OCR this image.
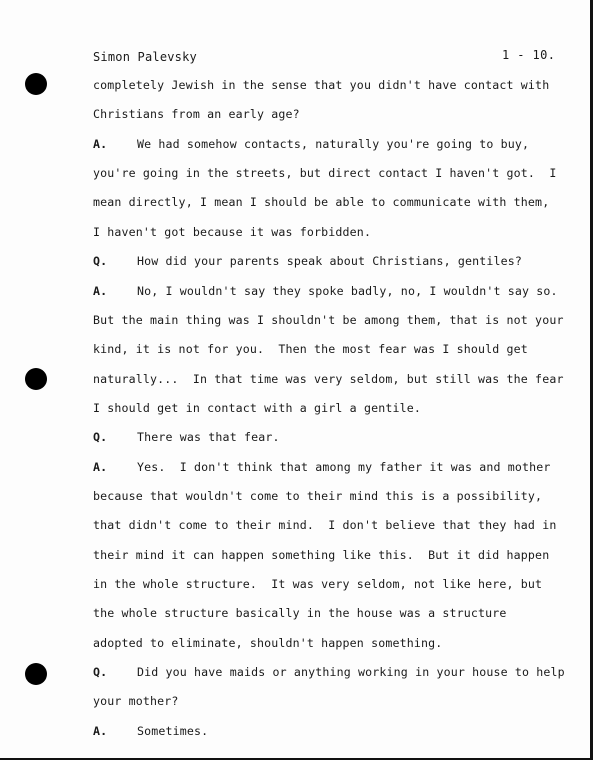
Simon Palevsky	1 - 10.
completely Jewish in the sense that you didn't have contact with
Christians from an early age?
A.	We had somehow contacts, naturally you're going to buy,
you're going in the streets, but direct contact I haven't got.  I
mean directly, I mean I should be able to communicate with them,
I haven't got because it was forbidden.
Q.	How did your parents speak about Christians, gentiles?
A.	No, I wouldn't say they spoke badly, no, I wouldn't say so.
But the main thing was I shouldn't be among them, that is not your
kind, it is not for you.  Then the most fear was I should get
naturally...  In that time was very seldom, but still was the fear
I should get in contact with a girl a gentile.
Q.	There was that fear.
A.	Yes.  I don't think that among my father it was and mother
because that wouldn't come to their mind this is a possibility,
that didn't come to their mind.  I don't believe that they had in
their mind it can happen something like this.  But it did happen
in the whole structure.  It was very seldom, not like here, but
the whole structure basically in the house was a structure
adopted to eliminate, shouldn't happen something.
Q.	Did you have maids or anything working in your house to help
your mother?
A.	Sometimes.
